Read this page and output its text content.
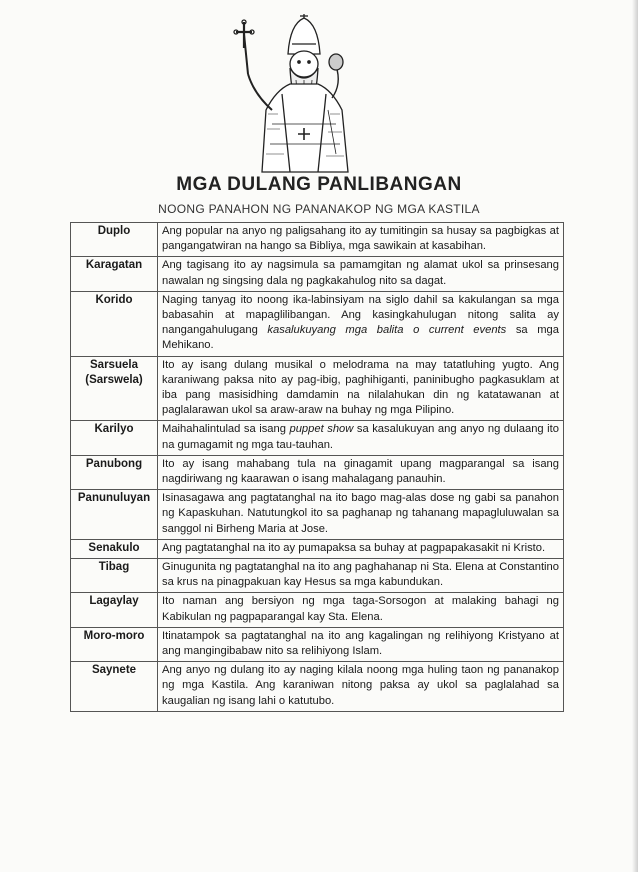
MGA DULANG PANLIBANGAN
NOONG PANAHON NG PANANAKOP NG MGA KASTILA
Duplo	Ang popular na anyo ng paligsahang ito ay tumitingin sa husay sa pagbigkas at pangangatwiran na hango sa Bibliya, mga sawikain at kasabihan.

Karagatan	Ang tagisang ito ay nagsimula sa pamamgitan ng alamat ukol sa prinsesang nawalan ng singsing dala ng pagkakahulog nito sa dagat.

Korido	Naging tanyag ito noong ika-labinsiyam na siglo dahil sa kakulangan sa mga babasahin at mapaglilibangan. Ang kasingkahulugan nitong salita ay nangangahulugang kasalukuyang mga balita o current events sa mga Mehikano.

Sarsuela
(Sarswela)	Ito ay isang dulang musikal o melodrama na may tatatluhing yugto. Ang karaniwang paksa nito ay pag-ibig, paghihiganti, paninibugho pagkasuklam at iba pang masisidhing damdamin na nilalahukan din ng katatawanan at paglalarawan ukol sa araw-araw na buhay ng mga Pilipino.

Karilyo	Maihahalintulad sa isang puppet show sa kasalukuyan ang anyo ng dulaang ito na gumagamit ng mga tau-tauhan.

Panubong	Ito ay isang mahabang tula na ginagamit upang magparangal sa isang nagdiriwang ng kaarawan o isang mahalagang panauhin.

Panunuluyan	Isinasagawa ang pagtatanghal na ito bago mag-alas dose ng gabi sa panahon ng Kapaskuhan. Natutungkol ito sa paghanap ng tahanang mapagluluwalan sa sanggol ni Birheng Maria at Jose.

Senakulo	Ang pagtatanghal na ito ay pumapaksa sa buhay at pagpapakasakit ni Kristo.

Tibag	Ginugunita ng pagtatanghal na ito ang paghahanap ni Sta. Elena at Constantino sa krus na pinagpakuan kay Hesus sa mga kabundukan.

Lagaylay	Ito naman ang bersiyon ng mga taga-Sorsogon at malaking bahagi ng Kabikulan ng pagpaparangal kay Sta. Elena.

Moro-moro	Itinatampok sa pagtatanghal na ito ang kagalingan ng relihiyong Kristyano at ang mangingibabaw nito sa relihiyong Islam.

Saynete	Ang anyo ng dulang ito ay naging kilala noong mga huling taon ng pananakop ng mga Kastila. Ang karaniwan nitong paksa ay ukol sa paglalahad sa kaugalian ng isang lahi o katutubo.
